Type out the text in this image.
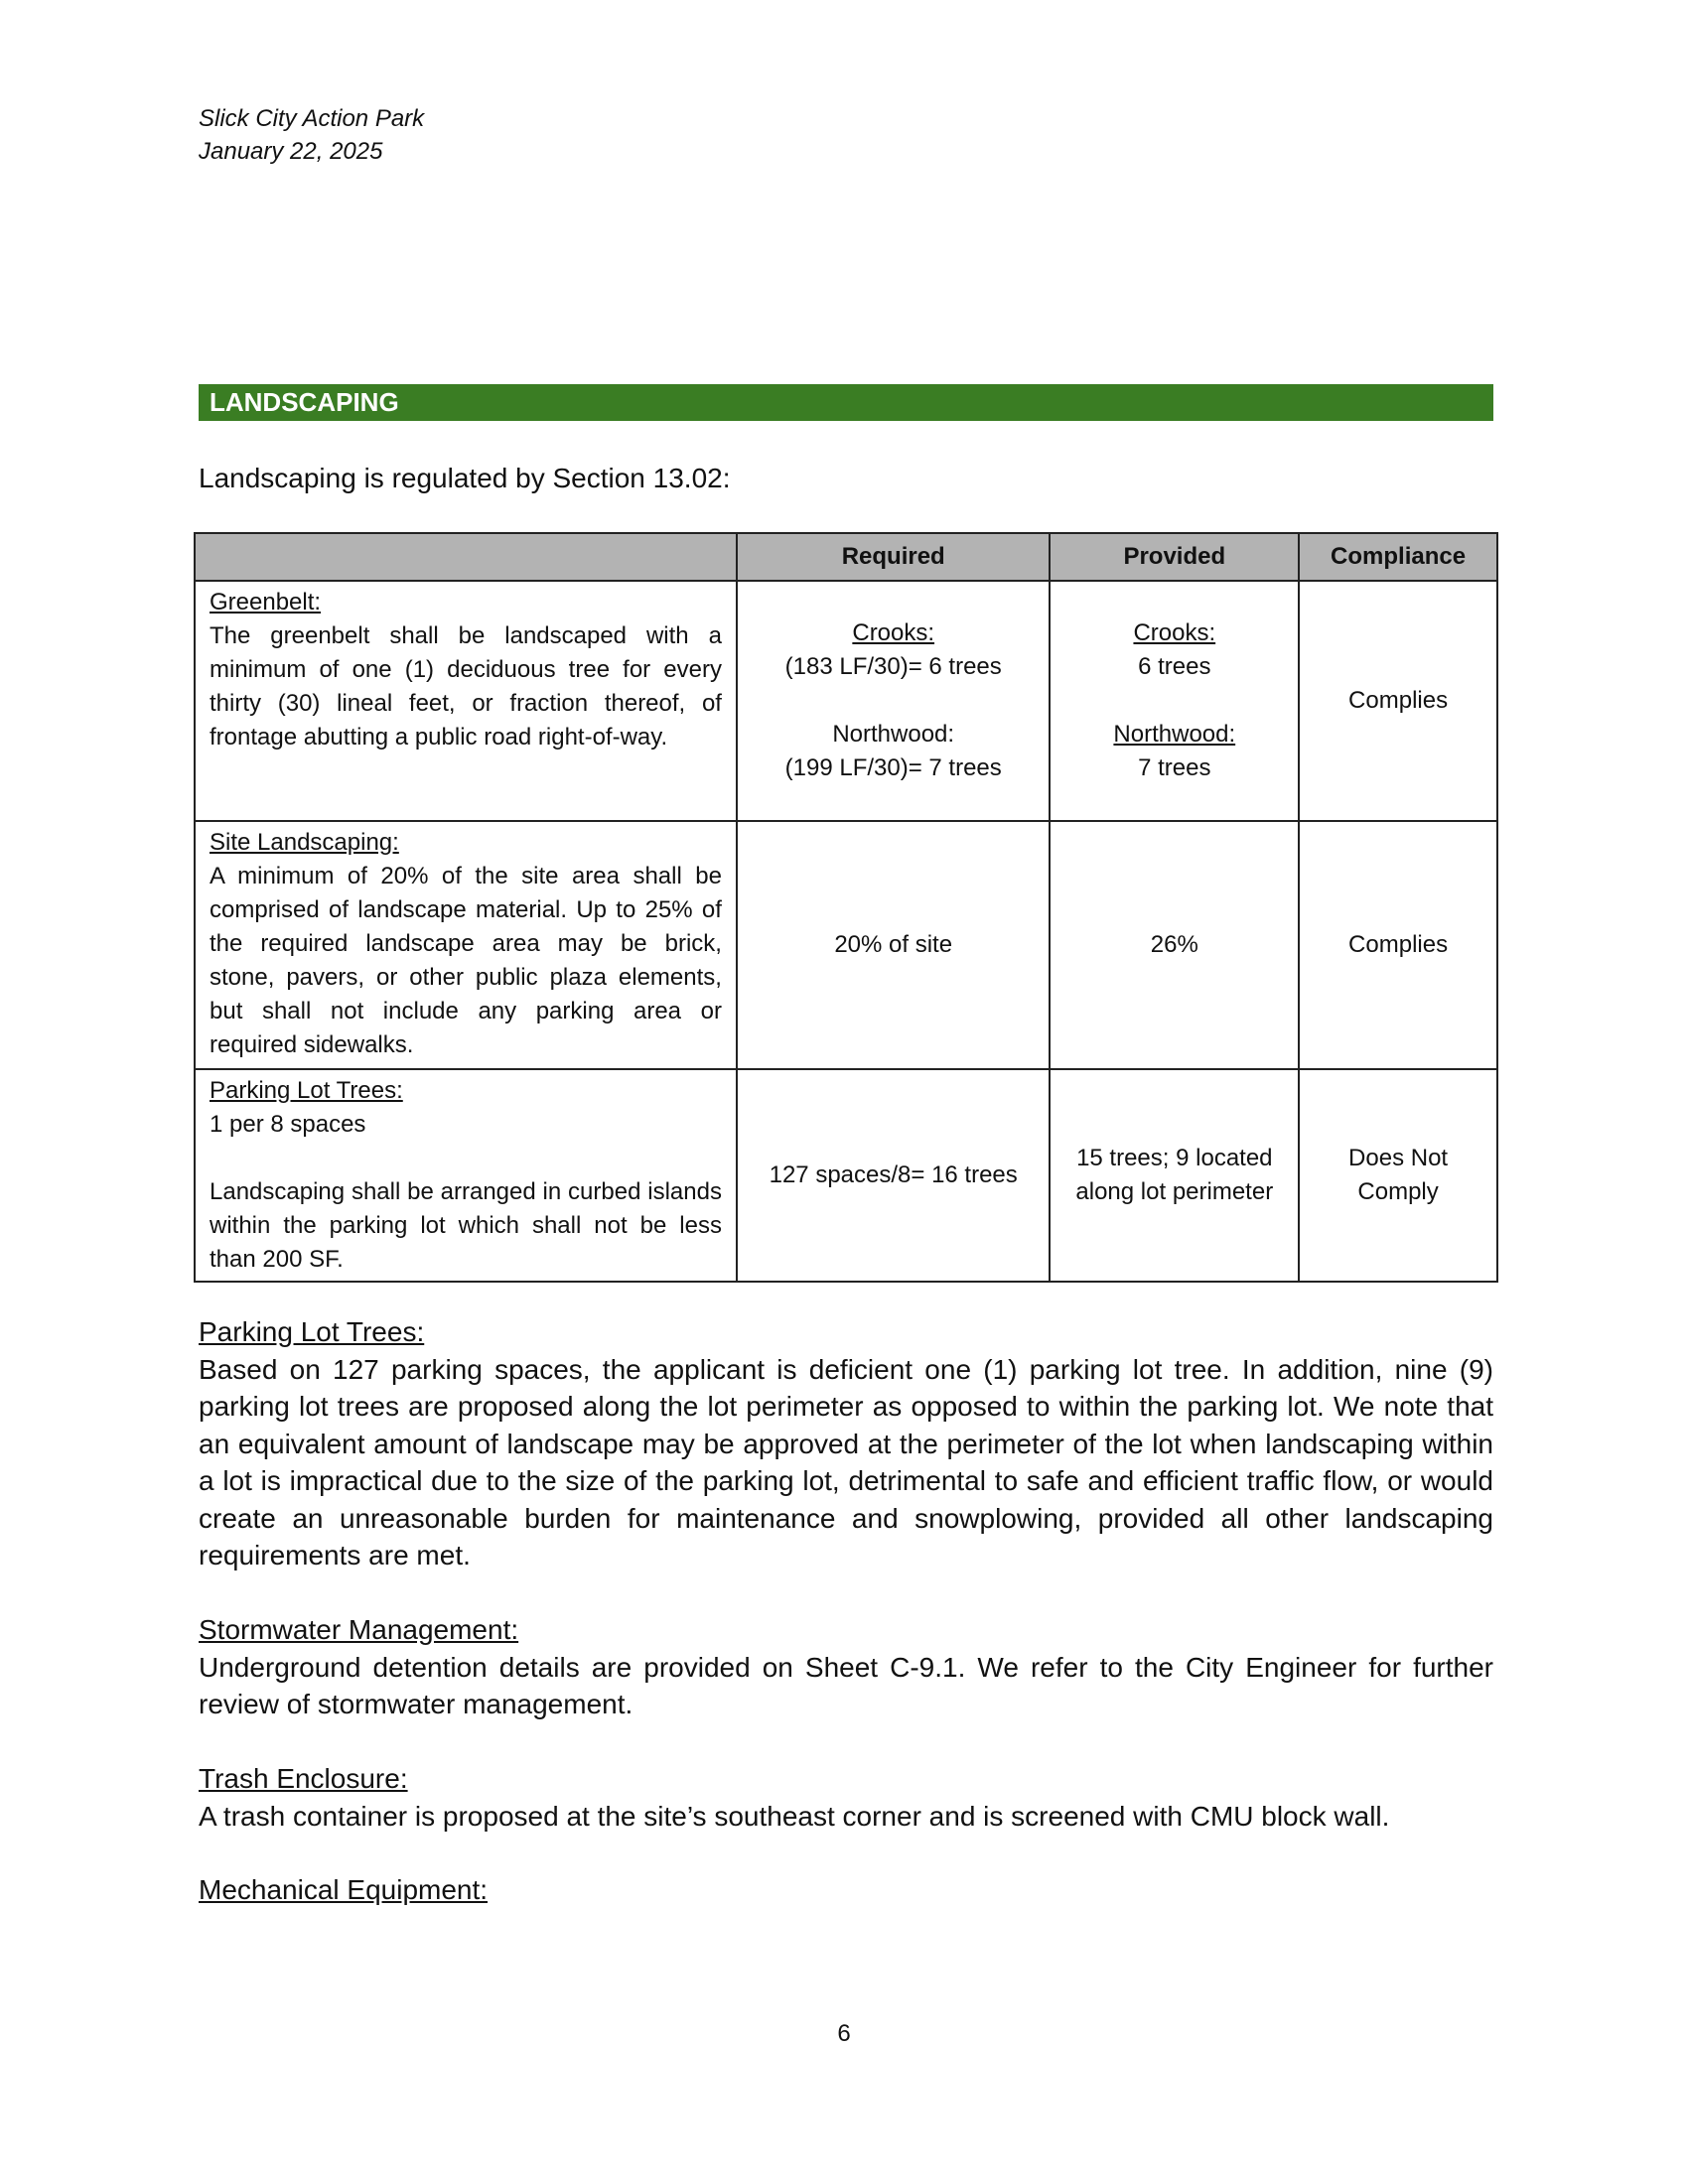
Slick City Action Park
January 22, 2025
LANDSCAPING
Landscaping is regulated by Section 13.02:
	Required	Provided	Compliance

Greenbelt:
The greenbelt shall be landscaped with a minimum of one (1) deciduous tree for every thirty (30) lineal feet, or fraction thereof, of frontage abutting a public road right-of-way.	Crooks:
(183 LF/30)= 6 trees
Northwood:
(199 LF/30)= 7 trees	Crooks:
6 trees
Northwood:
7 trees	Complies

Site Landscaping:
A minimum of 20% of the site area shall be comprised of landscape material. Up to 25% of the required landscape area may be brick, stone, pavers, or other public plaza elements, but shall not include any parking area or required sidewalks.	20% of site	26%	Complies

Parking Lot Trees:
1 per 8 spaces
Landscaping shall be arranged in curbed islands within the parking lot which shall not be less than 200 SF.	127 spaces/8= 16 trees	15 trees; 9 located
along lot perimeter	Does Not
Comply
Parking Lot Trees:
Based on 127 parking spaces, the applicant is deficient one (1) parking lot tree. In addition, nine (9) parking lot trees are proposed along the lot perimeter as opposed to within the parking lot. We note that an equivalent amount of landscape may be approved at the perimeter of the lot when landscaping within a lot is impractical due to the size of the parking lot, detrimental to safe and efficient traffic flow, or would create an unreasonable burden for maintenance and snowplowing, provided all other landscaping requirements are met.
Stormwater Management:
Underground detention details are provided on Sheet C-9.1. We refer to the City Engineer for further review of stormwater management.
Trash Enclosure:
A trash container is proposed at the site’s southeast corner and is screened with CMU block wall.
Mechanical Equipment:
6
